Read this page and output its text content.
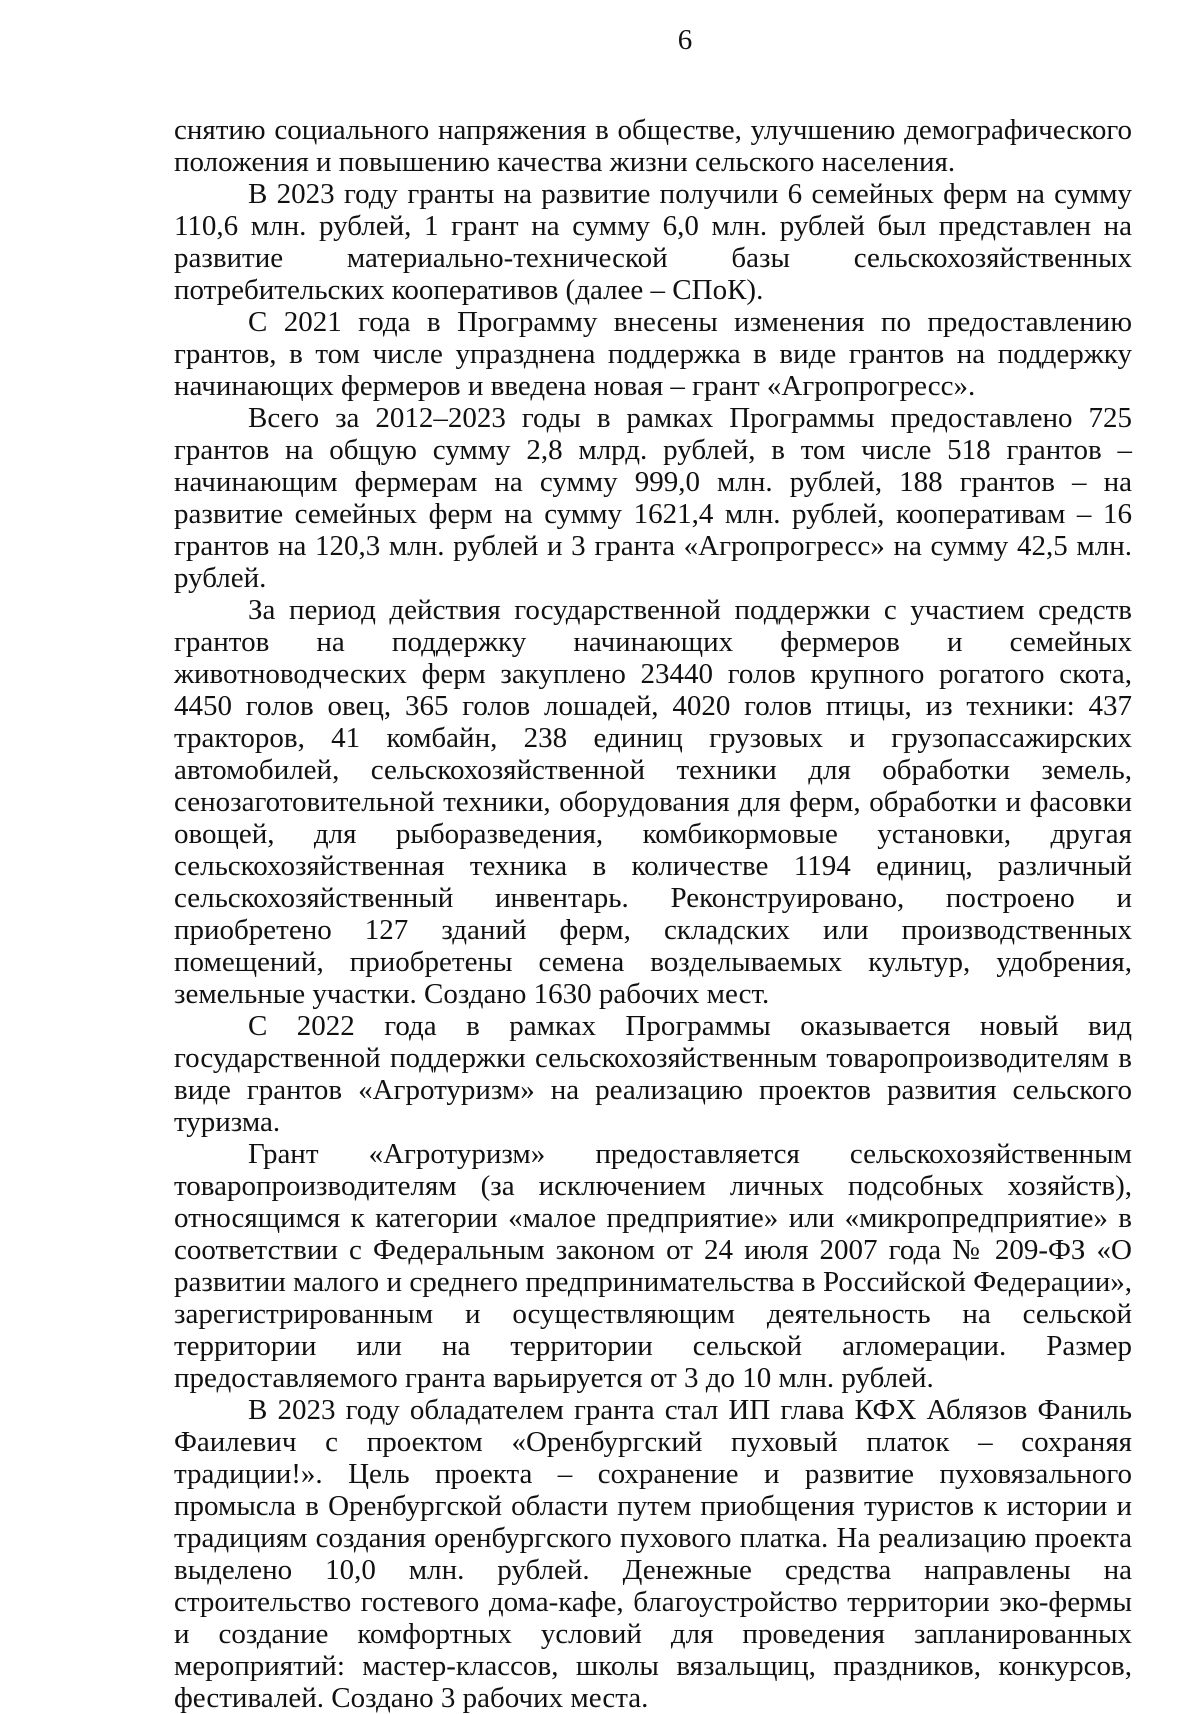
6

снятию социального напряжения в обществе, улучшению демографического положения и повышению качества жизни сельского населения.

В 2023 году гранты на развитие получили 6 семейных ферм на сумму 110,6 млн. рублей, 1 грант на сумму 6,0 млн. рублей был представлен на развитие материально-технической базы сельскохозяйственных потребительских кооперативов (далее – СПоК).

С 2021 года в Программу внесены изменения по предоставлению грантов, в том числе упразднена поддержка в виде грантов на поддержку начинающих фермеров и введена новая – грант «Агропрогресс».

Всего за 2012–2023 годы в рамках Программы предоставлено 725 грантов на общую сумму 2,8 млрд. рублей, в том числе 518 грантов – начинающим фермерам на сумму 999,0 млн. рублей, 188 грантов – на развитие семейных ферм на сумму 1621,4 млн. рублей, кооперативам – 16 грантов на 120,3 млн. рублей и 3 гранта «Агропрогресс» на сумму 42,5 млн. рублей.

За период действия государственной поддержки с участием средств грантов на поддержку начинающих фермеров и семейных животноводческих ферм закуплено 23440 голов крупного рогатого скота, 4450 голов овец, 365 голов лошадей, 4020 голов птицы, из техники: 437 тракторов, 41 комбайн, 238 единиц грузовых и грузопассажирских автомобилей, сельскохозяйственной техники для обработки земель, сенозаготовительной техники, оборудования для ферм, обработки и фасовки овощей, для рыборазведения, комбикормовые установки, другая сельскохозяйственная техника в количестве 1194 единиц, различный сельскохозяйственный инвентарь. Реконструировано, построено и приобретено 127 зданий ферм, складских или производственных помещений, приобретены семена возделываемых культур, удобрения, земельные участки. Создано 1630 рабочих мест.

С 2022 года в рамках Программы оказывается новый вид государственной поддержки сельскохозяйственным товаропроизводителям в виде грантов «Агротуризм» на реализацию проектов развития сельского туризма.

Грант «Агротуризм» предоставляется сельскохозяйственным товаропроизводителям (за исключением личных подсобных хозяйств), относящимся к категории «малое предприятие» или «микропредприятие» в соответствии с Федеральным законом от 24 июля 2007 года № 209-ФЗ «О развитии малого и среднего предпринимательства в Российской Федерации», зарегистрированным и осуществляющим деятельность на сельской территории или на территории сельской агломерации. Размер предоставляемого гранта варьируется от 3 до 10 млн. рублей.

В 2023 году обладателем гранта стал ИП глава КФХ Аблязов Фаниль Фаилевич с проектом «Оренбургский пуховый платок – сохраняя традиции!». Цель проекта – сохранение и развитие пуховязального промысла в Оренбургской области путем приобщения туристов к истории и традициям создания оренбургского пухового платка. На реализацию проекта выделено 10,0 млн. рублей. Денежные средства направлены на строительство гостевого дома-кафе, благоустройство территории эко-фермы и создание комфортных условий для проведения запланированных мероприятий: мастер-классов, школы вязальщиц, праздников, конкурсов, фестивалей. Создано 3 рабочих места.
